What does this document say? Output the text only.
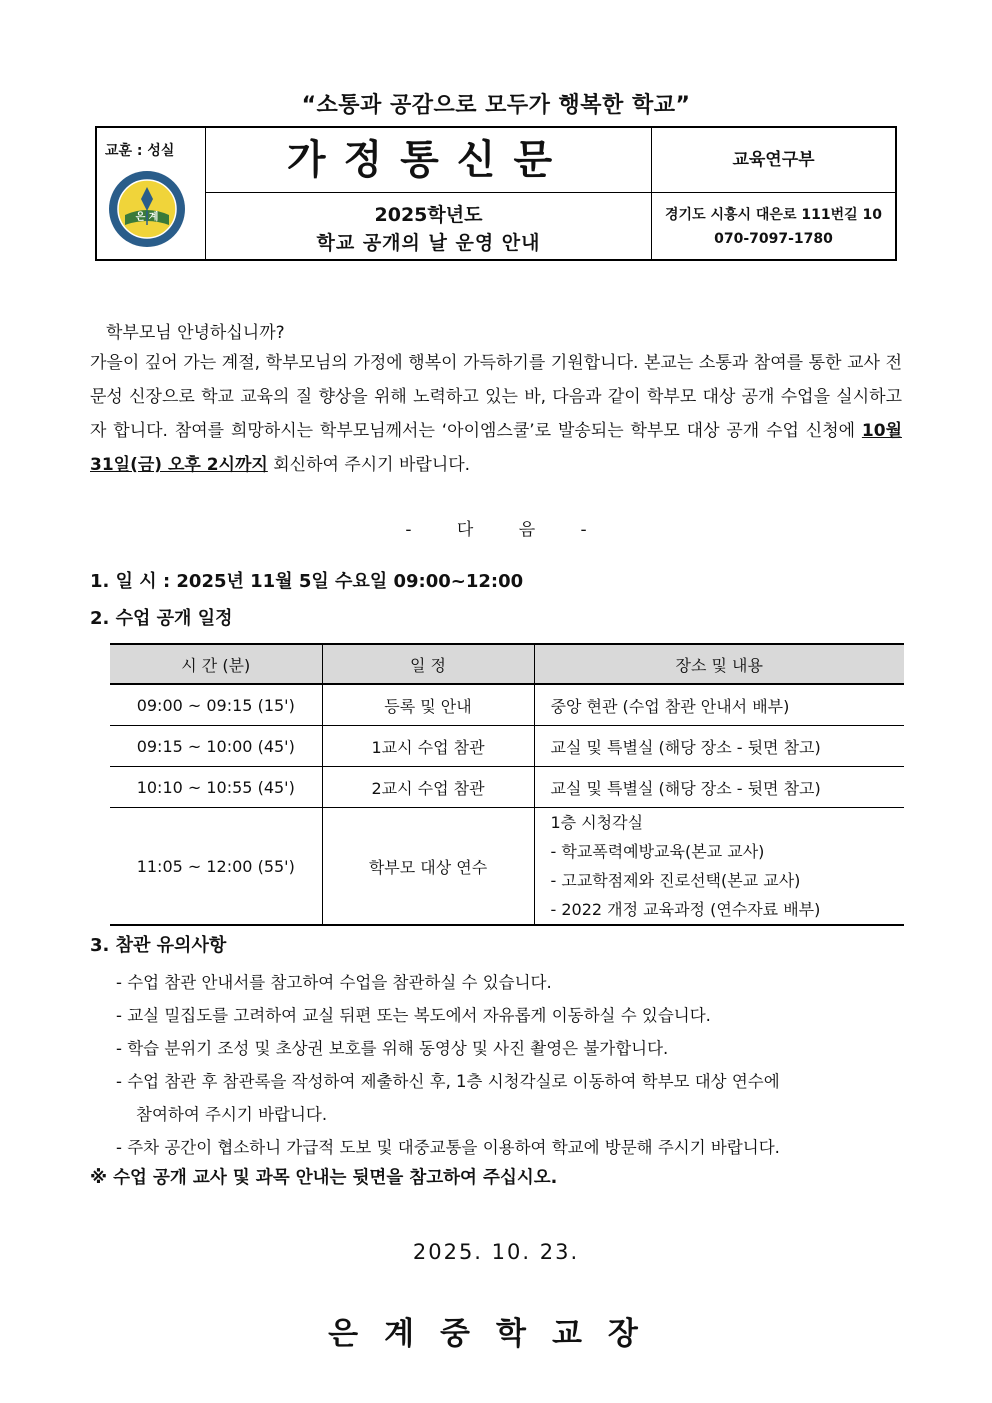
“소통과 공감으로 모두가 행복한 학교”
교훈 : 성실
은 계
가정통신문	교육연구부
2025학년도
학교 공개의 날 운영 안내
경기도 시흥시 대은로 111번길 10
070-7097-1780
학부모님 안녕하십니까?

가을이 깊어 가는 계절, 학부모님의 가정에 행복이 가득하기를 기원합니다. 본교는 소통과 참여를 통한 교사 전문성 신장으로 학교 교육의 질 향상을 위해 노력하고 있는 바, 다음과 같이 학부모 대상 공개 수업을 실시하고자 합니다. 참여를 희망하시는 학부모님께서는 ‘아이엠스쿨’로 발송되는 학부모 대상 공개 수업 신청에 10월 31일(금) 오후 2시까지 회신하여 주시기 바랍니다.

- 다 음 -
1. 일 시 : 2025년 11월 5일 수요일 09:00~12:00
2. 수업 공개 일정
시 간 (분)	일 정	장소 및 내용
09:00 ~ 09:15 (15')	등록 및 안내	중앙 현관 (수업 참관 안내서 배부)
09:15 ~ 10:00 (45')	1교시 수업 참관	교실 및 특별실 (해당 장소 - 뒷면 참고)
10:10 ~ 10:55 (45')	2교시 수업 참관	교실 및 특별실 (해당 장소 - 뒷면 참고)
11:05 ~ 12:00 (55')	학부모 대상 연수	1층 시청각실
- 학교폭력예방교육(본교 교사)
- 고교학점제와 진로선택(본교 교사)
- 2022 개정 교육과정 (연수자료 배부)
3. 참관 유의사항
- 수업 참관 안내서를 참고하여 수업을 참관하실 수 있습니다.
- 교실 밀집도를 고려하여 교실 뒤편 또는 복도에서 자유롭게 이동하실 수 있습니다.
- 학습 분위기 조성 및 초상권 보호를 위해 동영상 및 사진 촬영은 불가합니다.
- 수업 참관 후 참관록을 작성하여 제출하신 후, 1층 시청각실로 이동하여 학부모 대상 연수에
참여하여 주시기 바랍니다.
- 주차 공간이 협소하니 가급적 도보 및 대중교통을 이용하여 학교에 방문해 주시기 바랍니다.
※ 수업 공개 교사 및 과목 안내는 뒷면을 참고하여 주십시오.
2025. 10. 23.
은계중학교장
